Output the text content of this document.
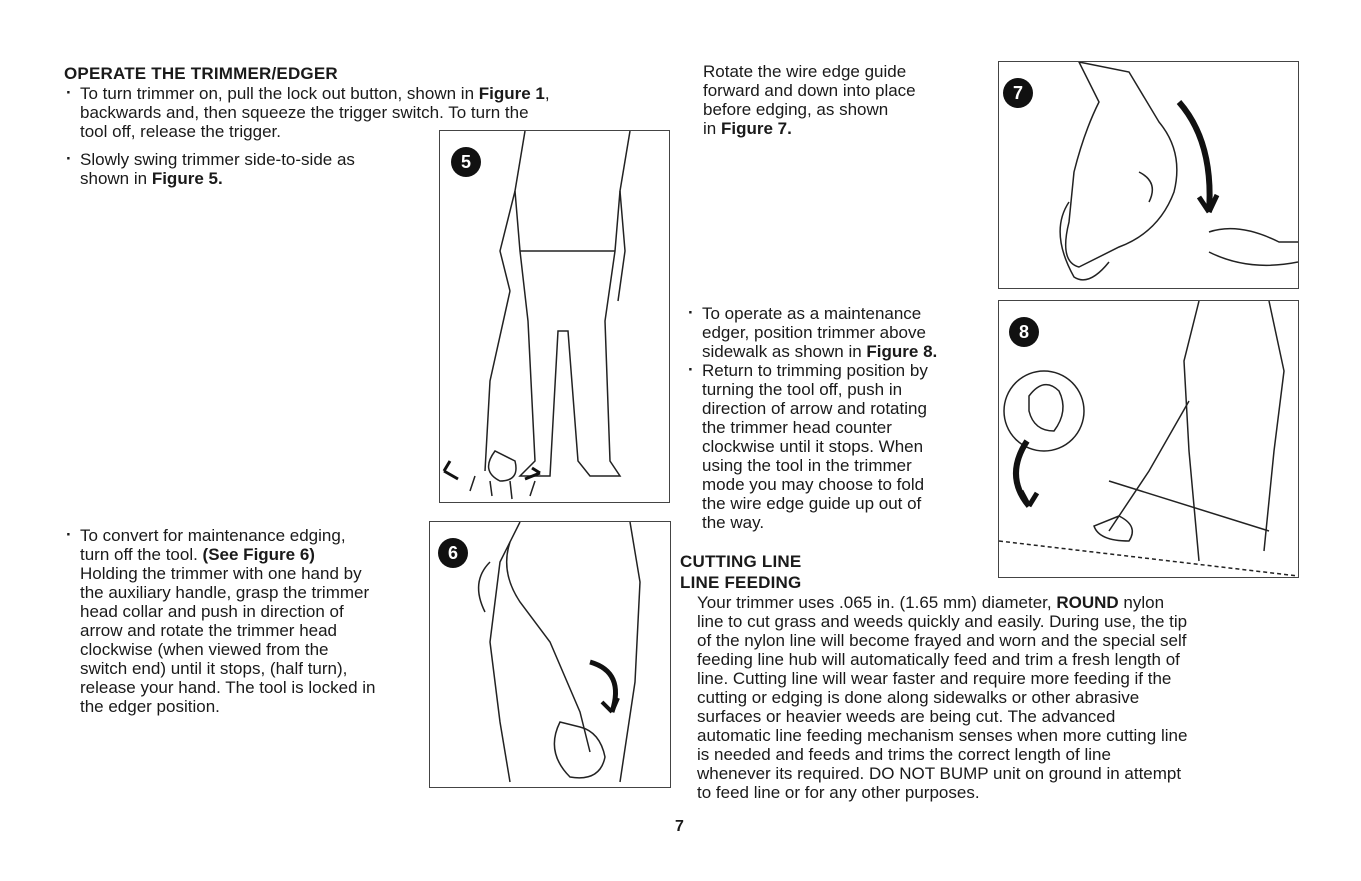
OPERATE THE TRIMMER/EDGER
· To turn trimmer on, pull the lock out button, shown in Figure 1,
backwards and, then squeeze the trigger switch. To turn the
tool off, release the trigger.
· Slowly swing trimmer side-to-side as
shown in Figure 5.
· To convert for maintenance edging,
turn off the tool. (See Figure 6)
Holding the trimmer with one hand by
the auxiliary handle, grasp the trimmer
head collar and push in direction of
arrow and rotate the trimmer head
clockwise (when viewed from the
switch end) until it stops, (half turn),
release your hand. The tool is locked in
the edger position.
5
6
Rotate the wire edge guide
forward and down into place
before edging, as shown
in Figure 7.
7
· To operate as a maintenance
edger, position trimmer above
sidewalk as shown in Figure 8.
· Return to trimming position by
turning the tool off, push in
direction of arrow and rotating
the trimmer head counter
clockwise until it stops. When
using the tool in the trimmer
mode you may choose to fold
the wire edge guide up out of
the way.
8
CUTTING LINE
LINE FEEDING
Your trimmer uses .065 in. (1.65 mm) diameter, ROUND nylon
line to cut grass and weeds quickly and easily. During use, the tip
of the nylon line will become frayed and worn and the special self
feeding line hub will automatically feed and trim a fresh length of
line. Cutting line will wear faster and require more feeding if the
cutting or edging is done along sidewalks or other abrasive
surfaces or heavier weeds are being cut. The advanced
automatic line feeding mechanism senses when more cutting line
is needed and feeds and trims the correct length of line
whenever its required. DO NOT BUMP unit on ground in attempt
to feed line or for any other purposes.
7
